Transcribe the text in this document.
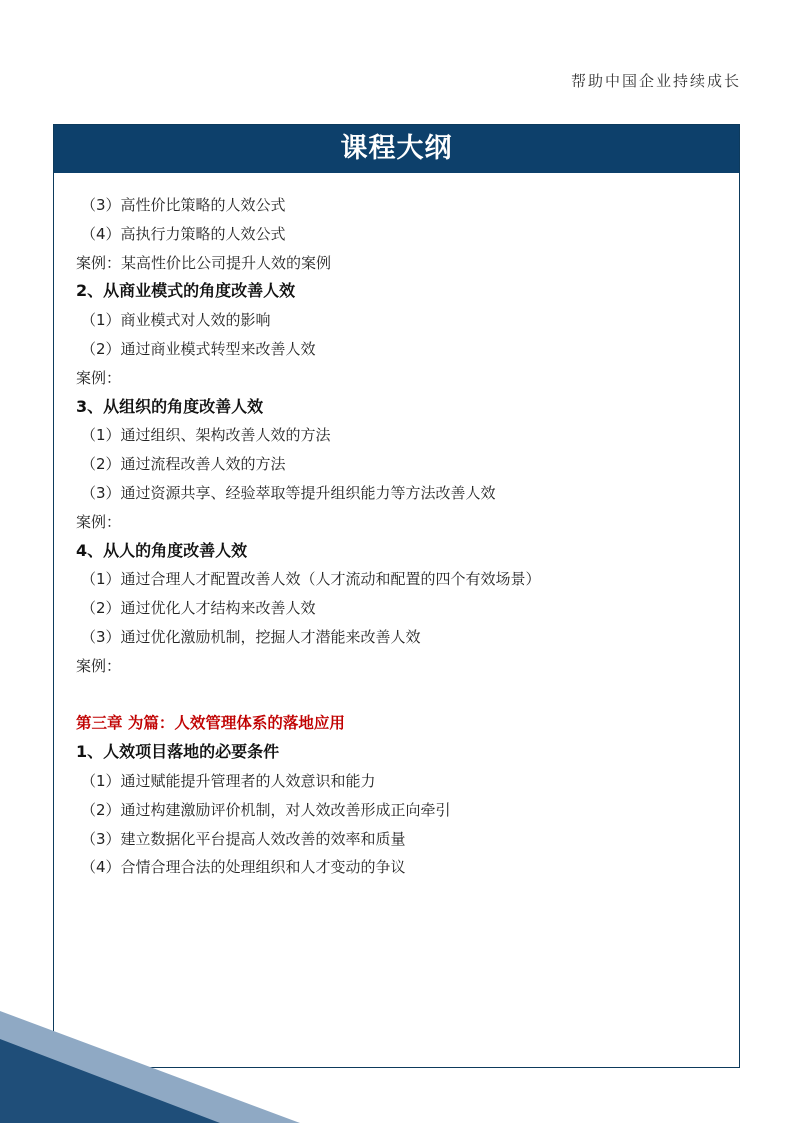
帮助中国企业持续成长
课程大纲
（3）高性价比策略的人效公式
（4）高执行力策略的人效公式
案例：某高性价比公司提升人效的案例
2、从商业模式的角度改善人效
（1）商业模式对人效的影响
（2）通过商业模式转型来改善人效
案例：
3、从组织的角度改善人效
（1）通过组织、架构改善人效的方法
（2）通过流程改善人效的方法
（3）通过资源共享、经验萃取等提升组织能力等方法改善人效
案例：
4、从人的角度改善人效
（1）通过合理人才配置改善人效（人才流动和配置的四个有效场景）
（2）通过优化人才结构来改善人效
（3）通过优化激励机制，挖掘人才潜能来改善人效
案例：
第三章 为篇：人效管理体系的落地应用
1、人效项目落地的必要条件
（1）通过赋能提升管理者的人效意识和能力
（2）通过构建激励评价机制，对人效改善形成正向牵引
（3）建立数据化平台提高人效改善的效率和质量
（4）合情合理合法的处理组织和人才变动的争议
